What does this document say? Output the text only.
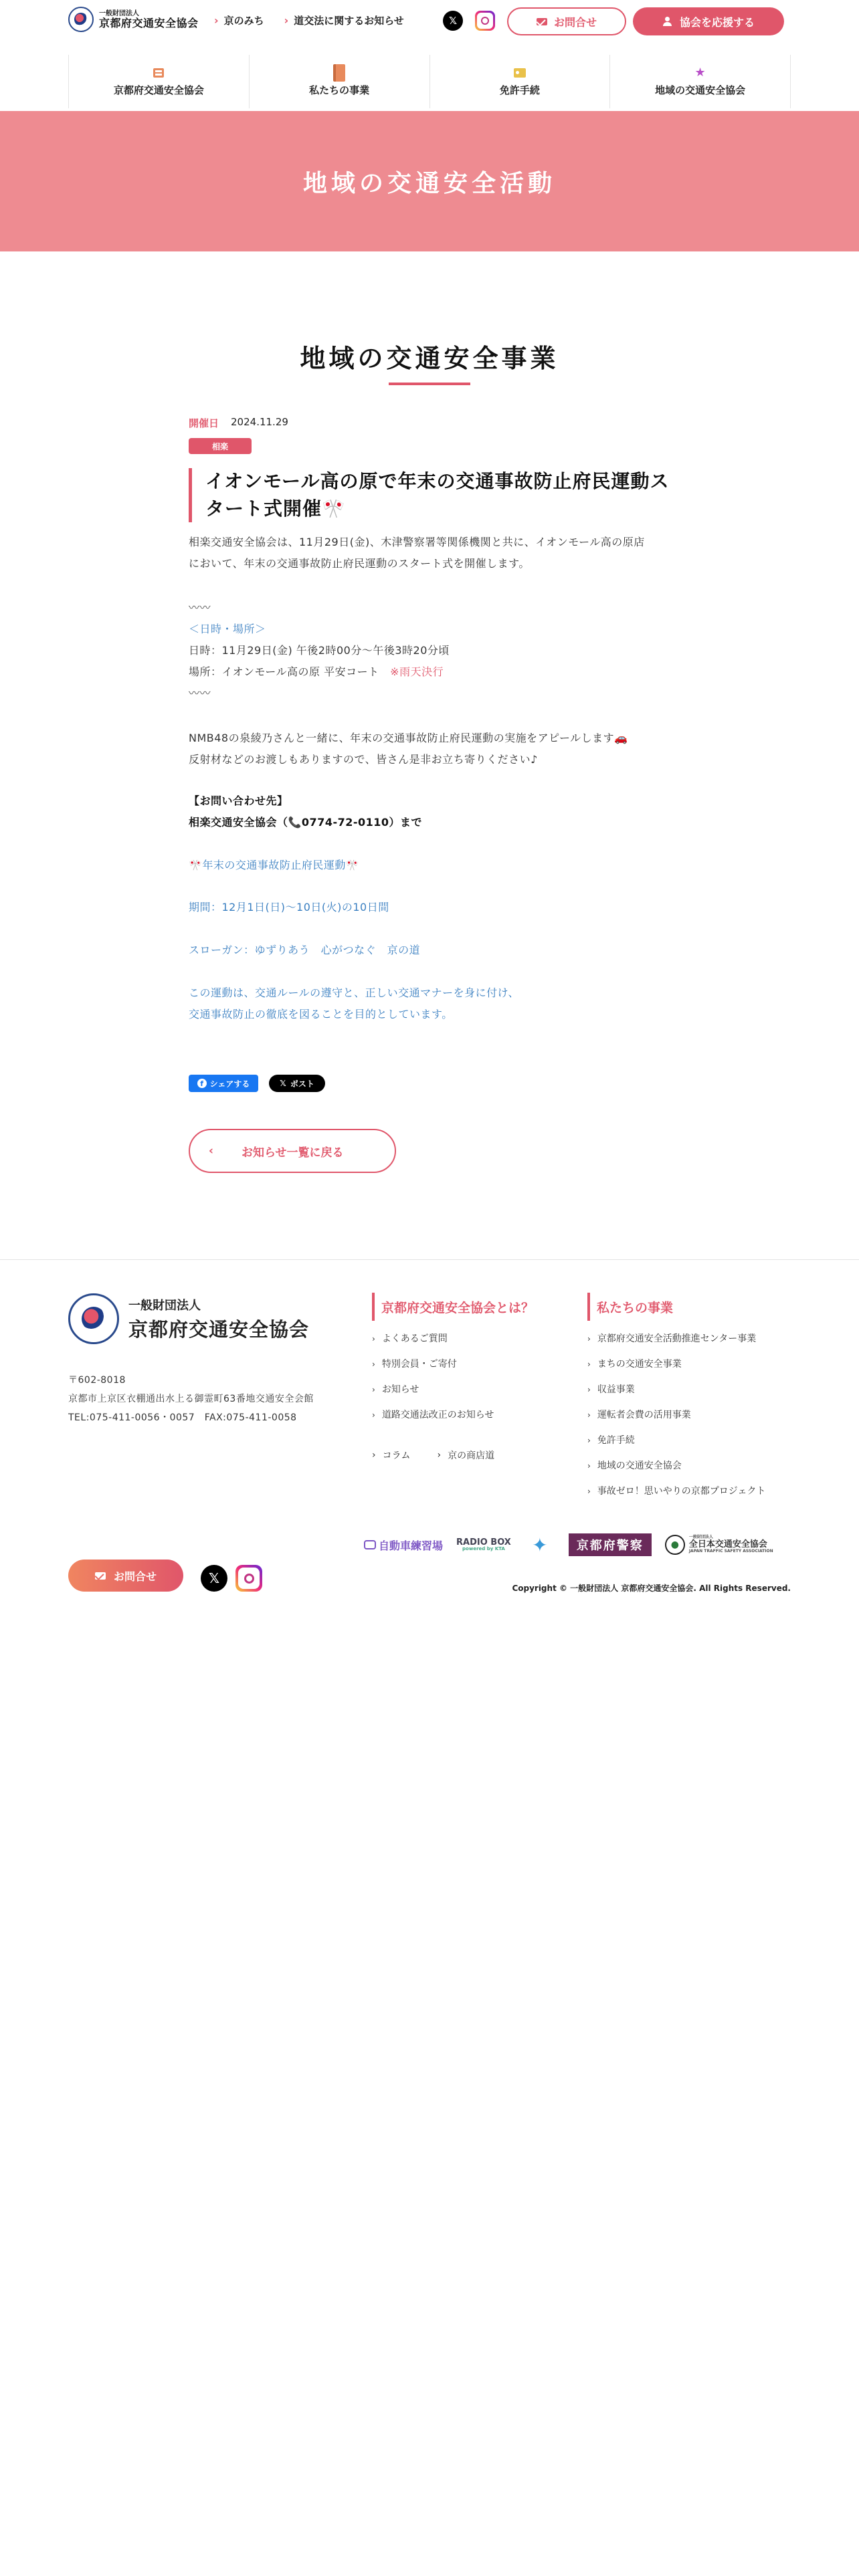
一般財団法人
京都府交通安全協会 › 京のみち › 道交法に関するお知らせ	𝕏	お問合せ	協会を応援する
京都府交通安全協会	私たちの事業	免許手続
★
地域の交通安全協会
地域の交通安全活動
地域の交通安全事業
開催日 2024.11.29
相楽
イオンモール高の原で年末の交通事故防止府民運動スタート式開催🎌
相楽交通安全協会は、11月29日(金)、木津警察署等関係機関と共に、イオンモール高の原店
において、年末の交通事故防止府民運動のスタート式を開催します。
〰〰
＜日時・場所＞
日時：11月29日(金) 午後2時00分〜午後3時20分頃
場所：イオンモール高の原 平安コート　 ※雨天決行
〰〰
NMB48の泉綾乃さんと一緒に、年末の交通事故防止府民運動の実施をアピールします🚗
反射材などのお渡しもありますので、皆さん是非お立ち寄りください♪
【お問い合わせ先】
相楽交通安全協会（📞0774-72-0110）まで
🎌年末の交通事故防止府民運動🎌
期間：12月1日(日)〜10日(火)の10日間
スローガン：ゆずりあう　心がつなぐ　京の道
この運動は、交通ルールの遵守と、正しい交通マナーを身に付け、
交通事故防止の徹底を図ることを目的としています。
f シェアする	𝕏 ポスト
‹ お知らせ一覧に戻る
一般財団法人
京都府交通安全協会
〒602-8018
京都市上京区衣棚通出水上る御霊町63番地交通安全会館
TEL:075-411-0056・0057　FAX:075-411-0058
京都府交通安全協会とは？
› よくあるご質問
› 特別会員・ご寄付
› お知らせ
› 道路交通法改正のお知らせ
› コラム	› 京の商店道
私たちの事業
› 京都府交通安全活動推進センター事業
› まちの交通安全事業
› 収益事業
› 運転者会費の活用事業
› 免許手続
› 地域の交通安全協会
› 事故ゼロ！思いやりの京都プロジェクト
自動車練習場 RADIO BOX
powered by KTA ✦	京都府警察	●
一般財団法人
全日本交通安全協会
JAPAN TRAFFIC SAFETY ASSOCIATION
お問合せ	𝕏
Copyright © 一般財団法人 京都府交通安全協会. All Rights Reserved.
